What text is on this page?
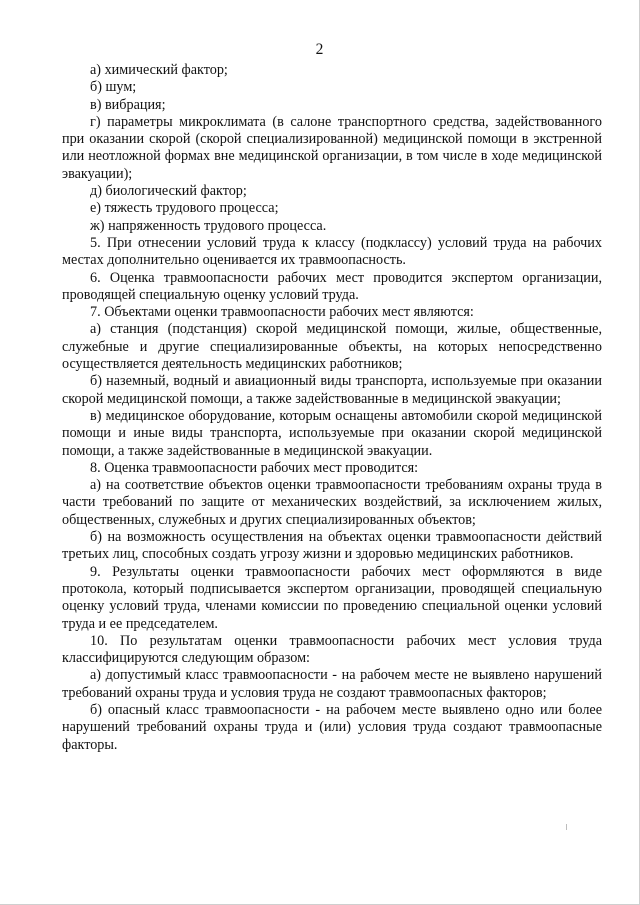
2

а) химический фактор;

б) шум;

в) вибрация;

г) параметры микроклимата (в салоне транспортного средства, задействованного при оказании скорой (скорой специализированной) медицинской помощи в экстренной или неотложной формах вне медицинской организации, в том числе в ходе медицинской эвакуации);

д) биологический фактор;

е) тяжесть трудового процесса;

ж) напряженность трудового процесса.

5. При отнесении условий труда к классу (подклассу) условий труда на рабочих местах дополнительно оценивается их травмоопасность.

6. Оценка травмоопасности рабочих мест проводится экспертом организации, проводящей специальную оценку условий труда.

7. Объектами оценки травмоопасности рабочих мест являются:

а) станция (подстанция) скорой медицинской помощи, жилые, общественные, служебные и другие специализированные объекты, на которых непосредственно осуществляется деятельность медицинских работников;

б) наземный, водный и авиационный виды транспорта, используемые при оказании скорой медицинской помощи, а также задействованные в медицинской эвакуации;

в) медицинское оборудование, которым оснащены автомобили скорой медицинской помощи и иные виды транспорта, используемые при оказании скорой медицинской помощи, а также задействованные в медицинской эвакуации.

8. Оценка травмоопасности рабочих мест проводится:

а) на соответствие объектов оценки травмоопасности требованиям охраны труда в части требований по защите от механических воздействий, за исключением жилых, общественных, служебных и других специализированных объектов;

б) на возможность осуществления на объектах оценки травмоопасности действий третьих лиц, способных создать угрозу жизни и здоровью медицинских работников.

9. Результаты оценки травмоопасности рабочих мест оформляются в виде протокола, который подписывается экспертом организации, проводящей специальную оценку условий труда, членами комиссии по проведению специальной оценки условий труда и ее председателем.

10. По результатам оценки травмоопасности рабочих мест условия труда классифицируются следующим образом:

а) допустимый класс травмоопасности - на рабочем месте не выявлено нарушений требований охраны труда и условия труда не создают травмоопасных факторов;

б) опасный класс травмоопасности - на рабочем месте выявлено одно или более нарушений требований охраны труда и (или) условия труда создают травмоопасные факторы.
